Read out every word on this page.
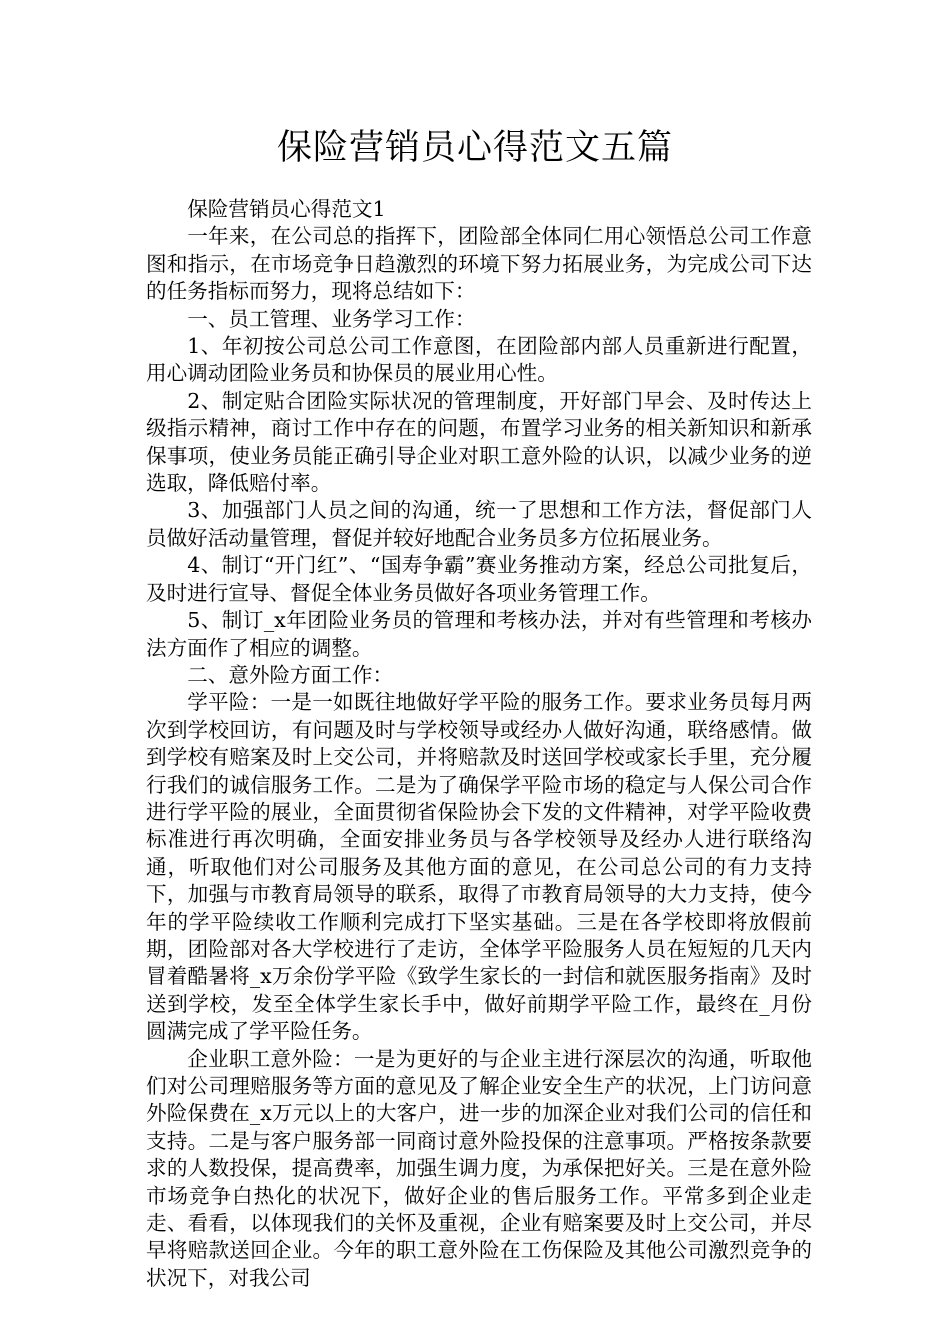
保险营销员心得范文五篇

保险营销员心得范文1

一年来，在公司总的指挥下，团险部全体同仁用心领悟总公司工作意图和指示，在市场竞争日趋激烈的环境下努力拓展业务，为完成公司下达的任务指标而努力，现将总结如下：

一、员工管理、业务学习工作：

1、年初按公司总公司工作意图，在团险部内部人员重新进行配置，用心调动团险业务员和协保员的展业用心性。

2、制定贴合团险实际状况的管理制度，开好部门早会、及时传达上级指示精神，商讨工作中存在的问题，布置学习业务的相关新知识和新承保事项，使业务员能正确引导企业对职工意外险的认识，以减少业务的逆选取，降低赔付率。

3、加强部门人员之间的沟通，统一了思想和工作方法，督促部门人员做好活动量管理，督促并较好地配合业务员多方位拓展业务。

4、制订“开门红”、“国寿争霸”赛业务推动方案，经总公司批复后，及时进行宣导、督促全体业务员做好各项业务管理工作。

5、制订_x年团险业务员的管理和考核办法，并对有些管理和考核办法方面作了相应的调整。

二、意外险方面工作：

学平险：一是一如既往地做好学平险的服务工作。要求业务员每月两次到学校回访，有问题及时与学校领导或经办人做好沟通，联络感情。做到学校有赔案及时上交公司，并将赔款及时送回学校或家长手里，充分履行我们的诚信服务工作。二是为了确保学平险市场的稳定与人保公司合作进行学平险的展业，全面贯彻省保险协会下发的文件精神，对学平险收费标准进行再次明确，全面安排业务员与各学校领导及经办人进行联络沟通，听取他们对公司服务及其他方面的意见，在公司总公司的有力支持下，加强与市教育局领导的联系，取得了市教育局领导的大力支持，使今年的学平险续收工作顺利完成打下坚实基础。三是在各学校即将放假前期，团险部对各大学校进行了走访，全体学平险服务人员在短短的几天内冒着酷暑将_x万余份学平险《致学生家长的一封信和就医服务指南》及时送到学校，发至全体学生家长手中，做好前期学平险工作，最终在_月份圆满完成了学平险任务。

企业职工意外险：一是为更好的与企业主进行深层次的沟通，听取他们对公司理赔服务等方面的意见及了解企业安全生产的状况，上门访问意外险保费在_x万元以上的大客户，进一步的加深企业对我们公司的信任和支持。二是与客户服务部一同商讨意外险投保的注意事项。严格按条款要求的人数投保，提高费率，加强生调力度，为承保把好关。三是在意外险市场竞争白热化的状况下，做好企业的售后服务工作。平常多到企业走走、看看，以体现我们的关怀及重视，企业有赔案要及时上交公司，并尽早将赔款送回企业。今年的职工意外险在工伤保险及其他公司激烈竞争的状况下，对我公司
